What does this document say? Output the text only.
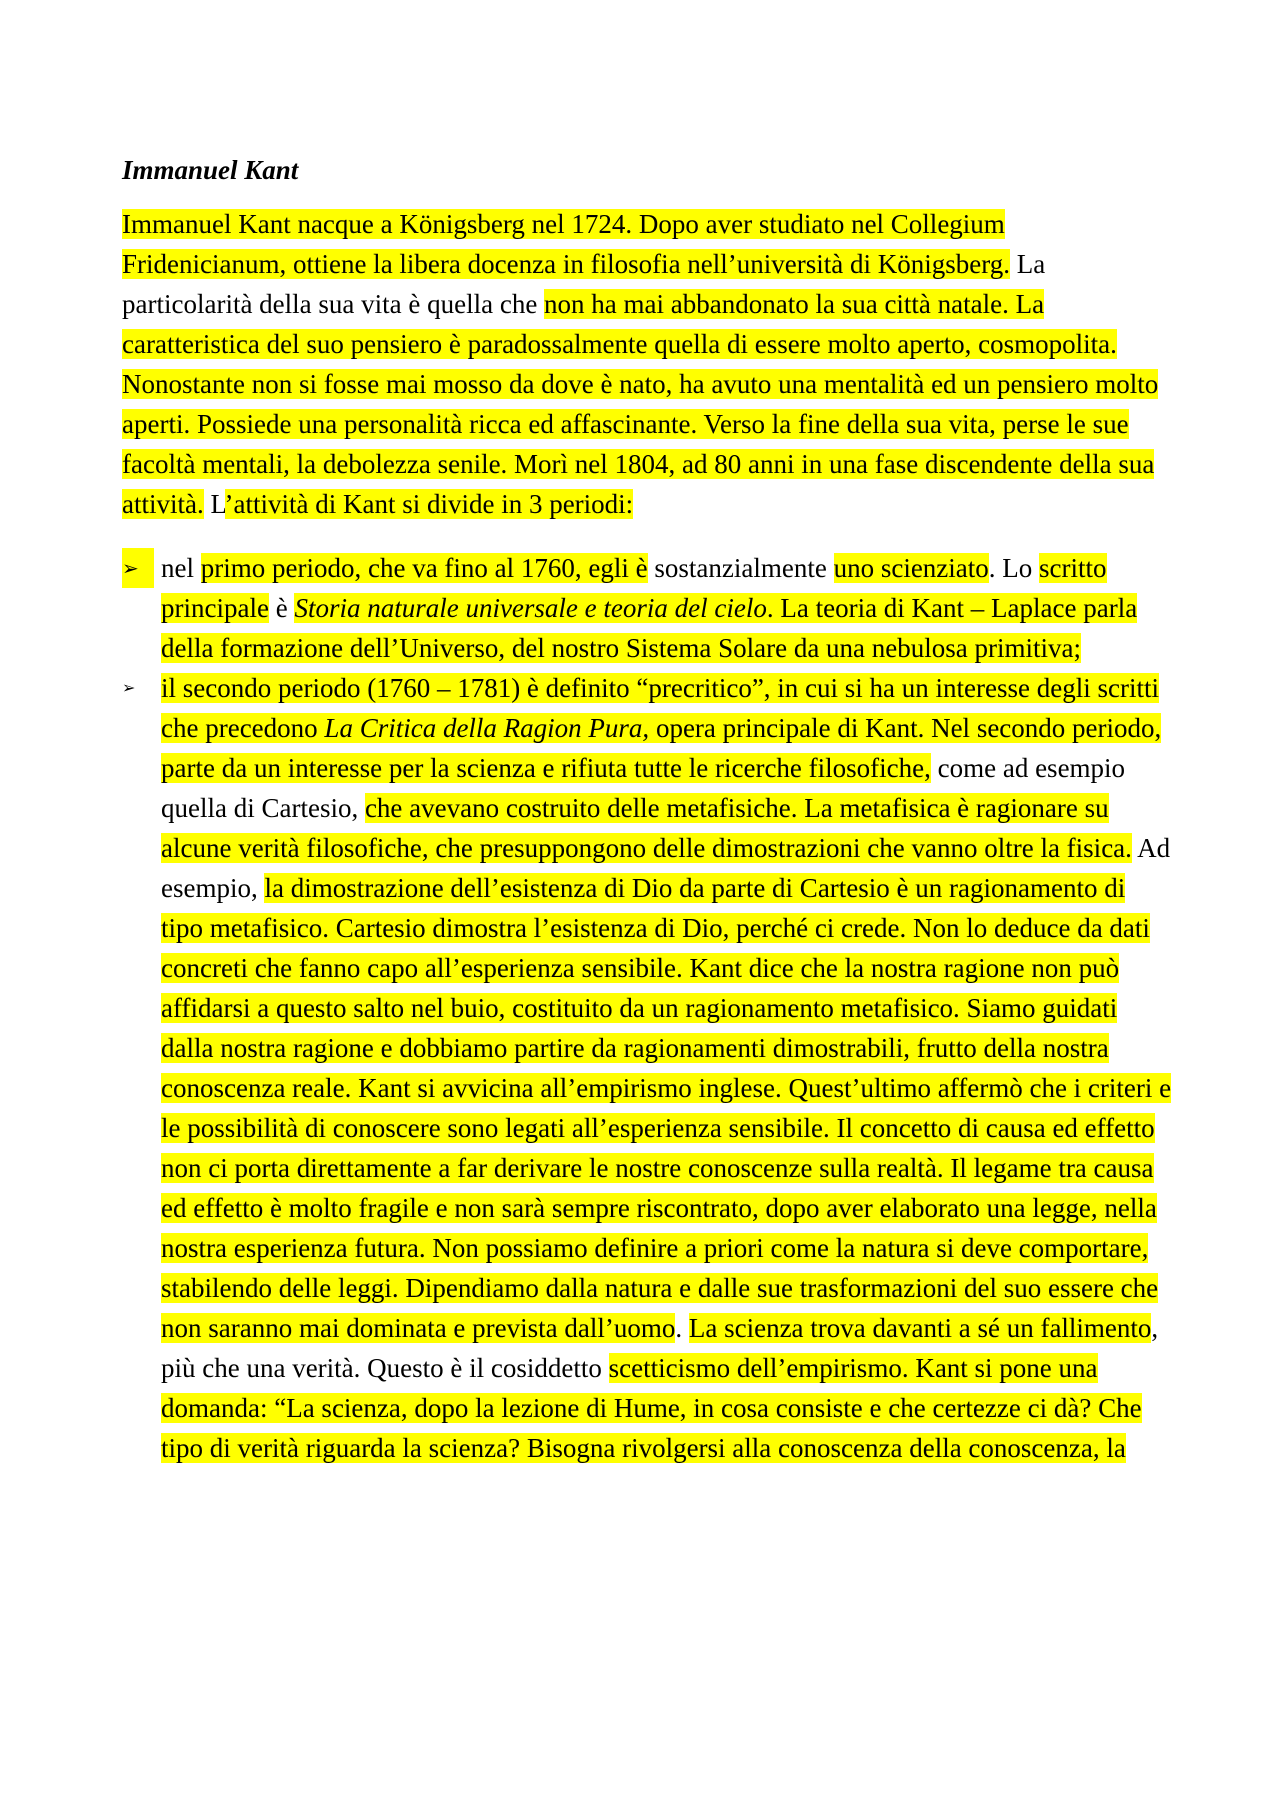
Immanuel Kant
Immanuel Kant nacque a Königsberg nel 1724. Dopo aver studiato nel Collegium Fridenicianum, ottiene la libera docenza in filosofia nell’università di Königsberg. La particolarità della sua vita è quella che non ha mai abbandonato la sua città natale. La caratteristica del suo pensiero è paradossalmente quella di essere molto aperto, cosmopolita. Nonostante non si fosse mai mosso da dove è nato, ha avuto una mentalità ed un pensiero molto aperti. Possiede una personalità ricca ed affascinante. Verso la fine della sua vita, perse le sue facoltà mentali, la debolezza senile. Morì nel 1804, ad 80 anni in una fase discendente della sua attività. L’attività di Kant si divide in 3 periodi:
➢ nel primo periodo, che va fino al 1760, egli è sostanzialmente uno scienziato. Lo scritto principale è Storia naturale universale e teoria del cielo. La teoria di Kant – Laplace parla della formazione dell’Universo, del nostro Sistema Solare da una nebulosa primitiva;
➢ il secondo periodo (1760 – 1781) è definito “precritico”, in cui si ha un interesse degli scritti che precedono La Critica della Ragion Pura, opera principale di Kant. Nel secondo periodo, parte da un interesse per la scienza e rifiuta tutte le ricerche filosofiche, come ad esempio quella di Cartesio, che avevano costruito delle metafisiche. La metafisica è ragionare su alcune verità filosofiche, che presuppongono delle dimostrazioni che vanno oltre la fisica. Ad esempio, la dimostrazione dell’esistenza di Dio da parte di Cartesio è un ragionamento di tipo metafisico. Cartesio dimostra l’esistenza di Dio, perché ci crede. Non lo deduce da dati concreti che fanno capo all’esperienza sensibile. Kant dice che la nostra ragione non può affidarsi a questo salto nel buio, costituito da un ragionamento metafisico. Siamo guidati dalla nostra ragione e dobbiamo partire da ragionamenti dimostrabili, frutto della nostra conoscenza reale. Kant si avvicina all’empirismo inglese. Quest’ultimo affermò che i criteri e le possibilità di conoscere sono legati all’esperienza sensibile. Il concetto di causa ed effetto non ci porta direttamente a far derivare le nostre conoscenze sulla realtà. Il legame tra causa ed effetto è molto fragile e non sarà sempre riscontrato, dopo aver elaborato una legge, nella nostra esperienza futura. Non possiamo definire a priori come la natura si deve comportare, stabilendo delle leggi. Dipendiamo dalla natura e dalle sue trasformazioni del suo essere che non saranno mai dominata e prevista dall’uomo. La scienza trova davanti a sé un fallimento, più che una verità. Questo è il cosiddetto scetticismo dell’empirismo. Kant si pone una domanda: “La scienza, dopo la lezione di Hume, in cosa consiste e che certezze ci dà? Che tipo di verità riguarda la scienza? Bisogna rivolgersi alla conoscenza della conoscenza, la
